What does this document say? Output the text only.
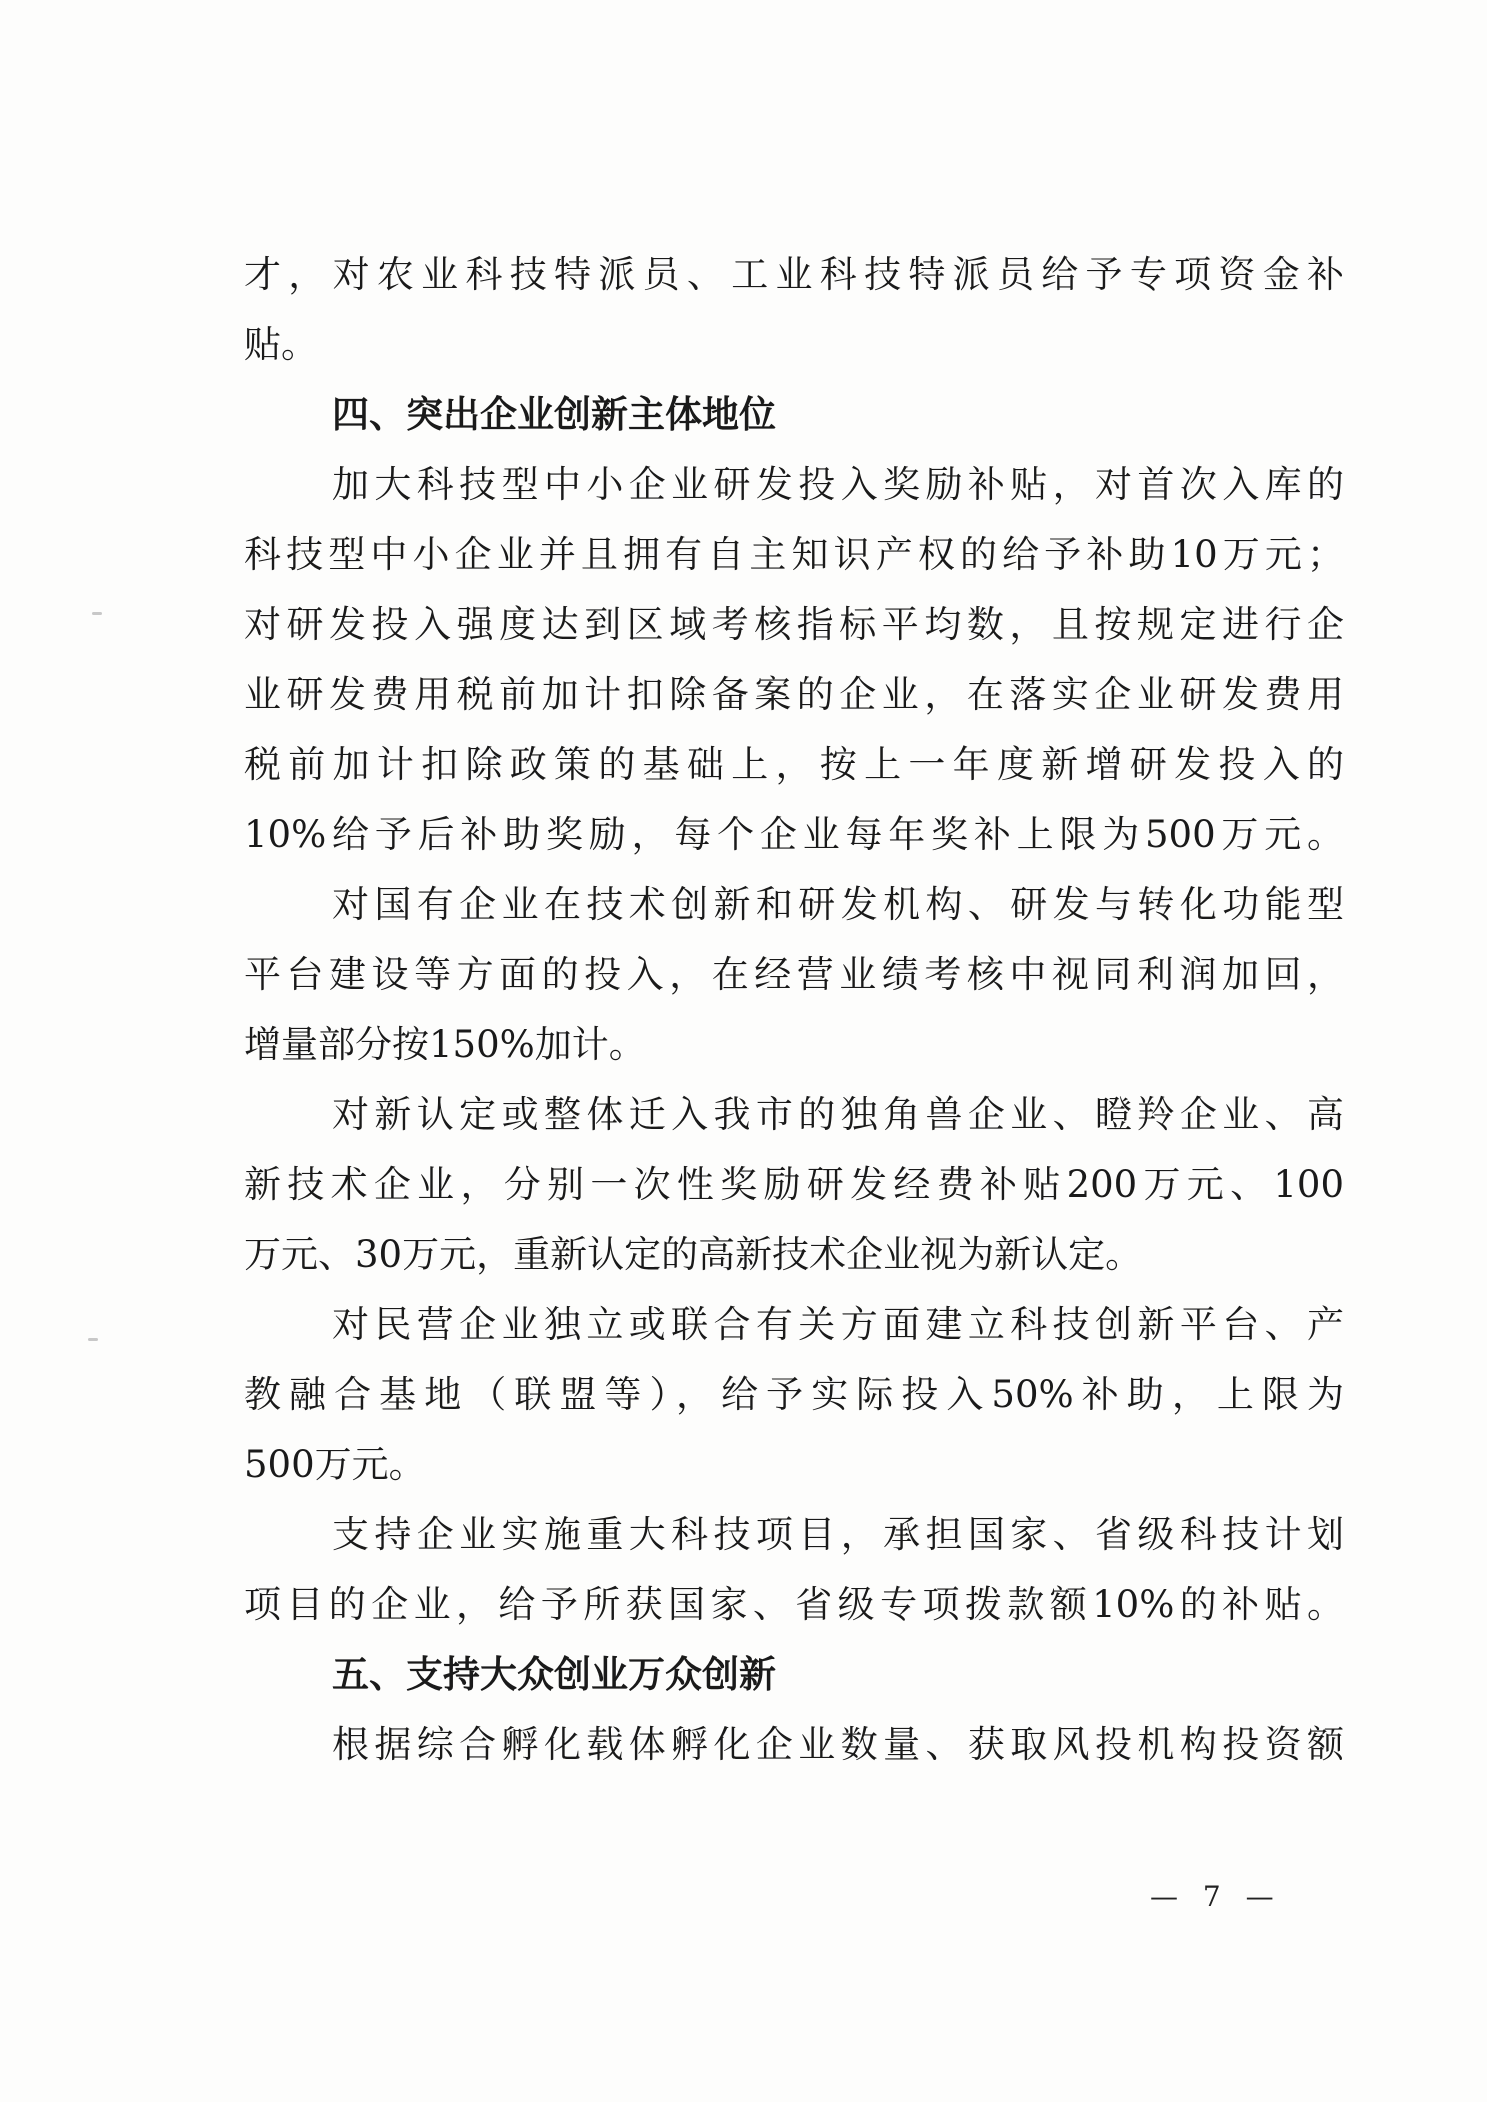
才，对农业科技特派员、工业科技特派员给予专项资金补
贴。
四、突出企业创新主体地位
加大科技型中小企业研发投入奖励补贴，对首次入库的
科技型中小企业并且拥有自主知识产权的给予补助10万元；
对研发投入强度达到区域考核指标平均数，且按规定进行企
业研发费用税前加计扣除备案的企业，在落实企业研发费用
税前加计扣除政策的基础上，按上一年度新增研发投入的
10%给予后补助奖励，每个企业每年奖补上限为500万元。
对国有企业在技术创新和研发机构、研发与转化功能型
平台建设等方面的投入，在经营业绩考核中视同利润加回，
增量部分按150%加计。
对新认定或整体迁入我市的独角兽企业、瞪羚企业、高
新技术企业，分别一次性奖励研发经费补贴200万元、100
万元、30万元，重新认定的高新技术企业视为新认定。
对民营企业独立或联合有关方面建立科技创新平台、产
教融合基地（联盟等），给予实际投入50%补助，上限为
500万元。
支持企业实施重大科技项目，承担国家、省级科技计划
项目的企业，给予所获国家、省级专项拨款额10%的补贴。
五、支持大众创业万众创新
根据综合孵化载体孵化企业数量、获取风投机构投资额
— 7 —
